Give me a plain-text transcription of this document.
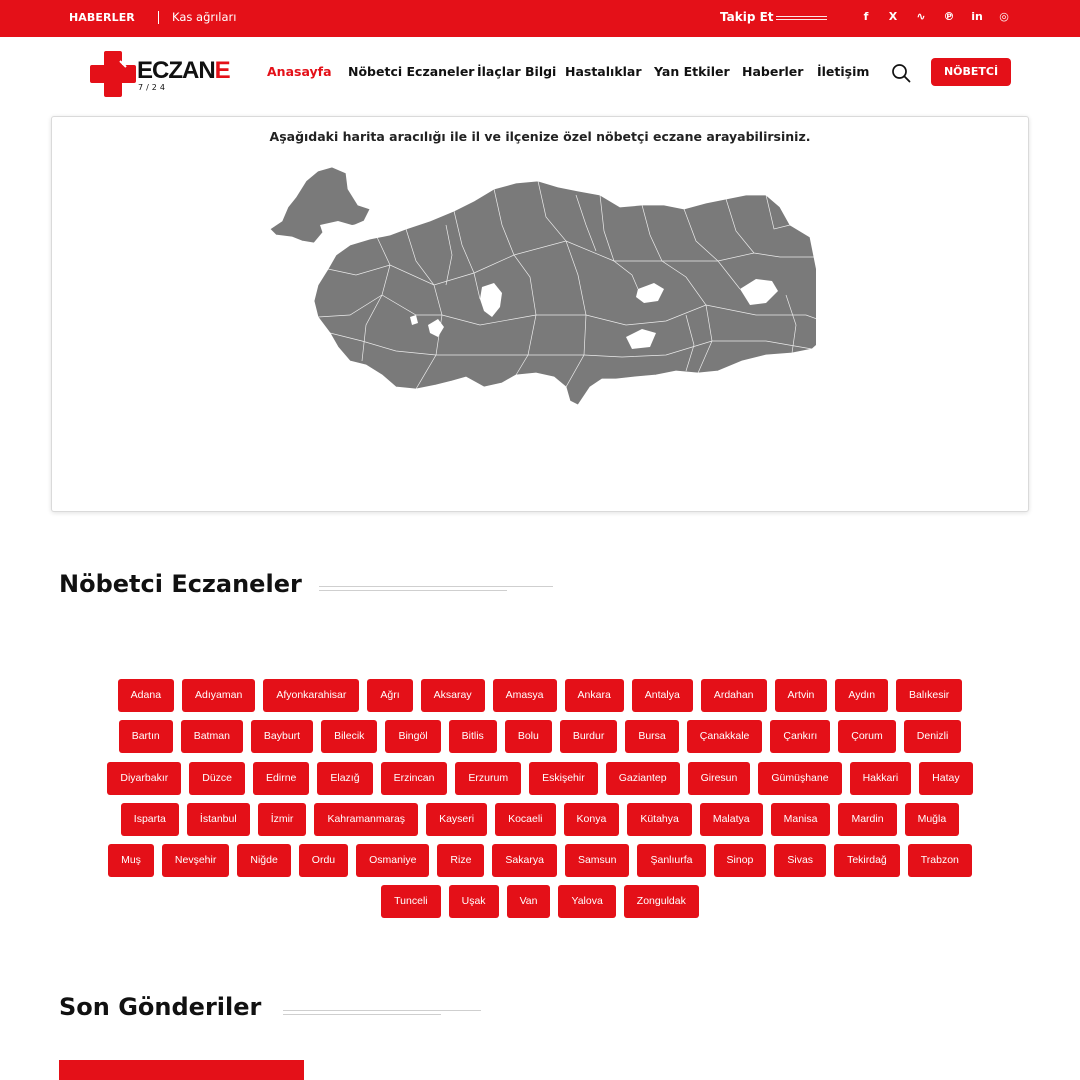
HABERLER	Kas ağrıları	Takip Et	f	X	∿	℗ in ◎
ECZANE
7/24
Anasayfa Nöbetci Eczaneler İlaçlar Bilgi Hastalıklar Yan Etkiler Haberler İletişim	NÖBETCİ
Aşağıdaki harita aracılığı ile il ve ilçenize özel nöbetçi eczane arayabilirsiniz.
Nöbetci Eczaneler
Adana	Adıyaman	Afyonkarahisar	Ağrı	Aksaray	Amasya	Ankara	Antalya	Ardahan	Artvin	Aydın	Balıkesir
Bartın	Batman	Bayburt	Bilecik	Bingöl	Bitlis	Bolu	Burdur	Bursa	Çanakkale	Çankırı	Çorum	Denizli
Diyarbakır	Düzce	Edirne	Elazığ	Erzincan	Erzurum	Eskişehir	Gaziantep	Giresun	Gümüşhane	Hakkari	Hatay
Isparta	İstanbul	İzmir	Kahramanmaraş	Kayseri	Kocaeli	Konya	Kütahya	Malatya	Manisa	Mardin	Muğla
Muş	Nevşehir	Niğde	Ordu	Osmaniye	Rize	Sakarya	Samsun	Şanlıurfa	Sinop	Sivas	Tekirdağ	Trabzon
Tunceli	Uşak	Van	Yalova	Zonguldak
Son Gönderiler
